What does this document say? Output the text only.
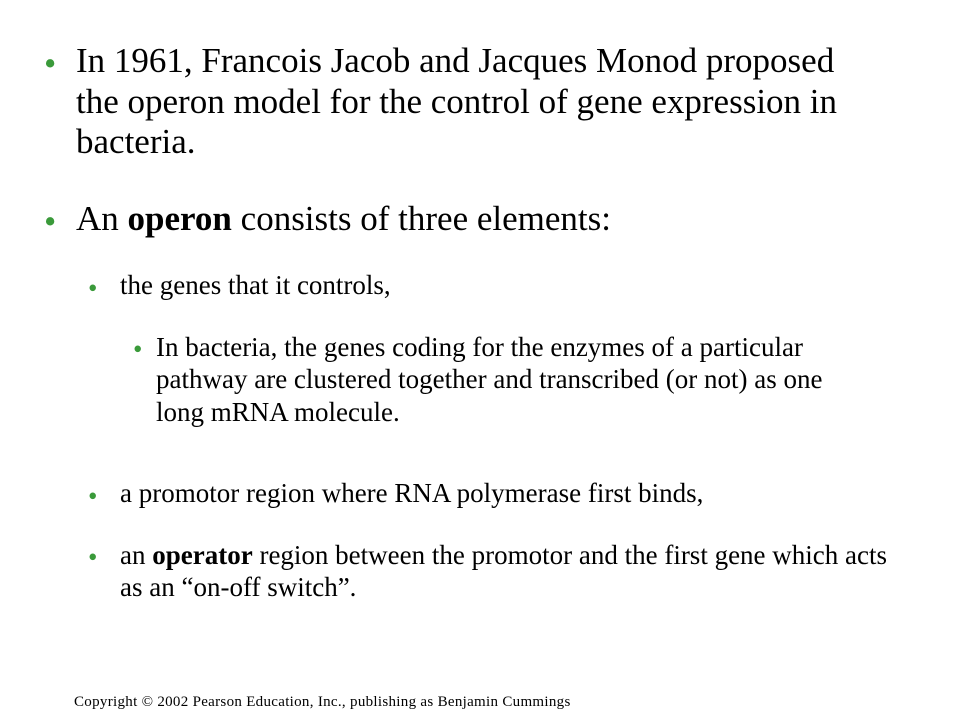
• In 1961, Francois Jacob and Jacques Monod proposed the operon model for the control of gene expression in bacteria.
• An operon consists of three elements:
• the genes that it controls,
• In bacteria, the genes coding for the enzymes of a particular pathway are clustered together and transcribed (or not) as one long mRNA molecule.
• a promotor region where RNA polymerase first binds,
• an operator region between the promotor and the first gene which acts as an “on-off switch”.
Copyright © 2002 Pearson Education, Inc., publishing as Benjamin Cummings
